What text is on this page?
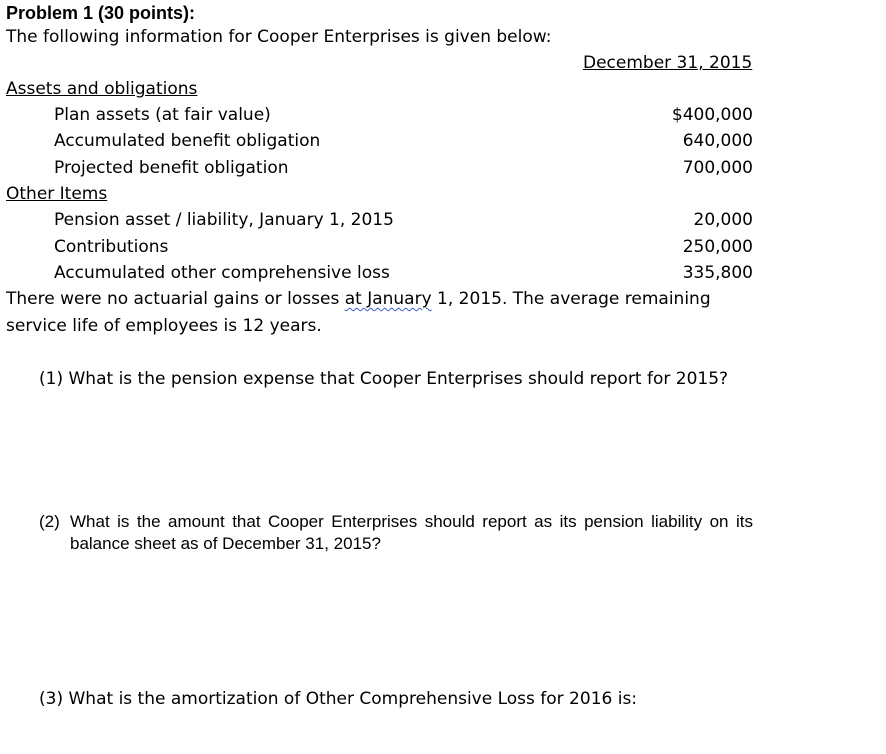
Problem 1 (30 points):
The following information for Cooper Enterprises is given below:
December 31, 2015
Assets and obligations
Plan assets (at fair value)	$400,000
Accumulated benefit obligation	640,000
Projected benefit obligation	700,000
Other Items
Pension asset / liability, January 1, 2015	20,000
Contributions	250,000
Accumulated other comprehensive loss	335,800
There were no actuarial gains or losses at January 1, 2015. The average remaining
service life of employees is 12 years.
(1) What is the pension expense that Cooper Enterprises should report for 2015?
(2) What is the amount that Cooper Enterprises should report as its pension liability on its balance sheet as of December 31, 2015?
(3) What is the amortization of Other Comprehensive Loss for 2016 is:
